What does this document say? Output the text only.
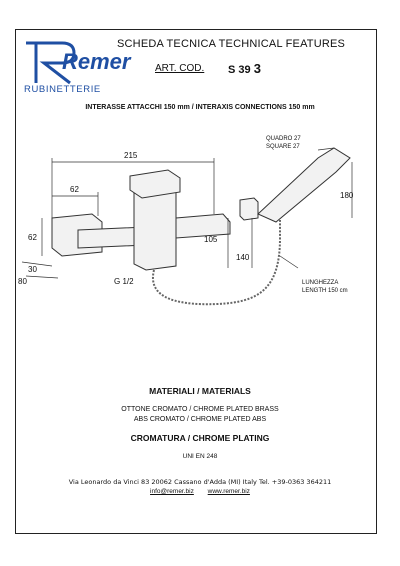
Remer
RUBINETTERIE
SCHEDA TECNICA TECHNICAL FEATURES
ART. COD. S 39 3
INTERASSE ATTACCHI 150 mm / INTERAXIS CONNECTIONS 150 mm
215
62
62
30
80
105
140
G 1/2
180
QUADRO 27
SQUARE 27
LUNGHEZZA
LENGTH 150 cm
MATERIALI / MATERIALS
OTTONE CROMATO / CHROME PLATED BRASS
ABS CROMATO / CHROME PLATED ABS
CROMATURA / CHROME PLATING
UNI EN 248
Via Leonardo da Vinci 83 20062 Cassano d'Adda (MI) Italy Tel. +39-0363 364211
info@remer.biz www.remer.biz
